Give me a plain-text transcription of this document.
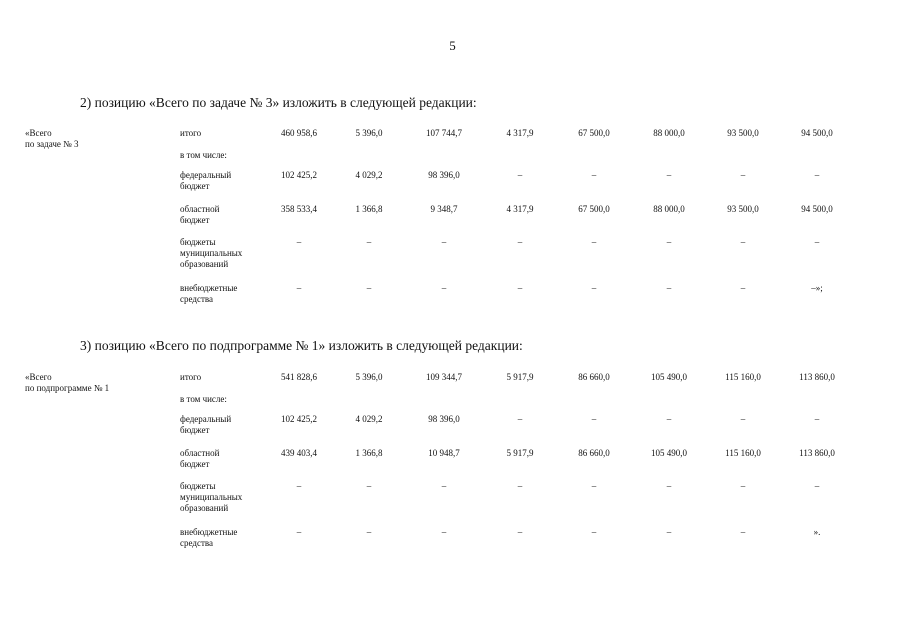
5
2) позицию «Всего по задаче № 3» изложить в следующей редакции:
«Всего
по задаче № 3
итого	460 958,6	5 396,0	107 744,7	4 317,9	67 500,0	88 000,0	93 500,0	94 500,0
в том числе:
федеральный
бюджет
102 425,2	4 029,2	98 396,0	–	–	–	–	–
областной
бюджет
358 533,4	1 366,8	9 348,7	4 317,9	67 500,0	88 000,0	93 500,0	94 500,0
бюджеты
муниципальных
образований
–	–	–	–	–	–	–	–
внебюджетные
средства
–	–	–	–	–	–	–	–»;
3) позицию «Всего по подпрограмме № 1» изложить в следующей редакции:
«Всего
по подпрограмме № 1
итого	541 828,6	5 396,0	109 344,7	5 917,9	86 660,0	105 490,0	115 160,0	113 860,0
в том числе:
федеральный
бюджет
102 425,2	4 029,2	98 396,0	–	–	–	–	–
областной
бюджет
439 403,4	1 366,8	10 948,7	5 917,9	86 660,0	105 490,0	115 160,0	113 860,0
бюджеты
муниципальных
образований
–	–	–	–	–	–	–	–
внебюджетные
средства
–	–	–	–	–	–	–	».
